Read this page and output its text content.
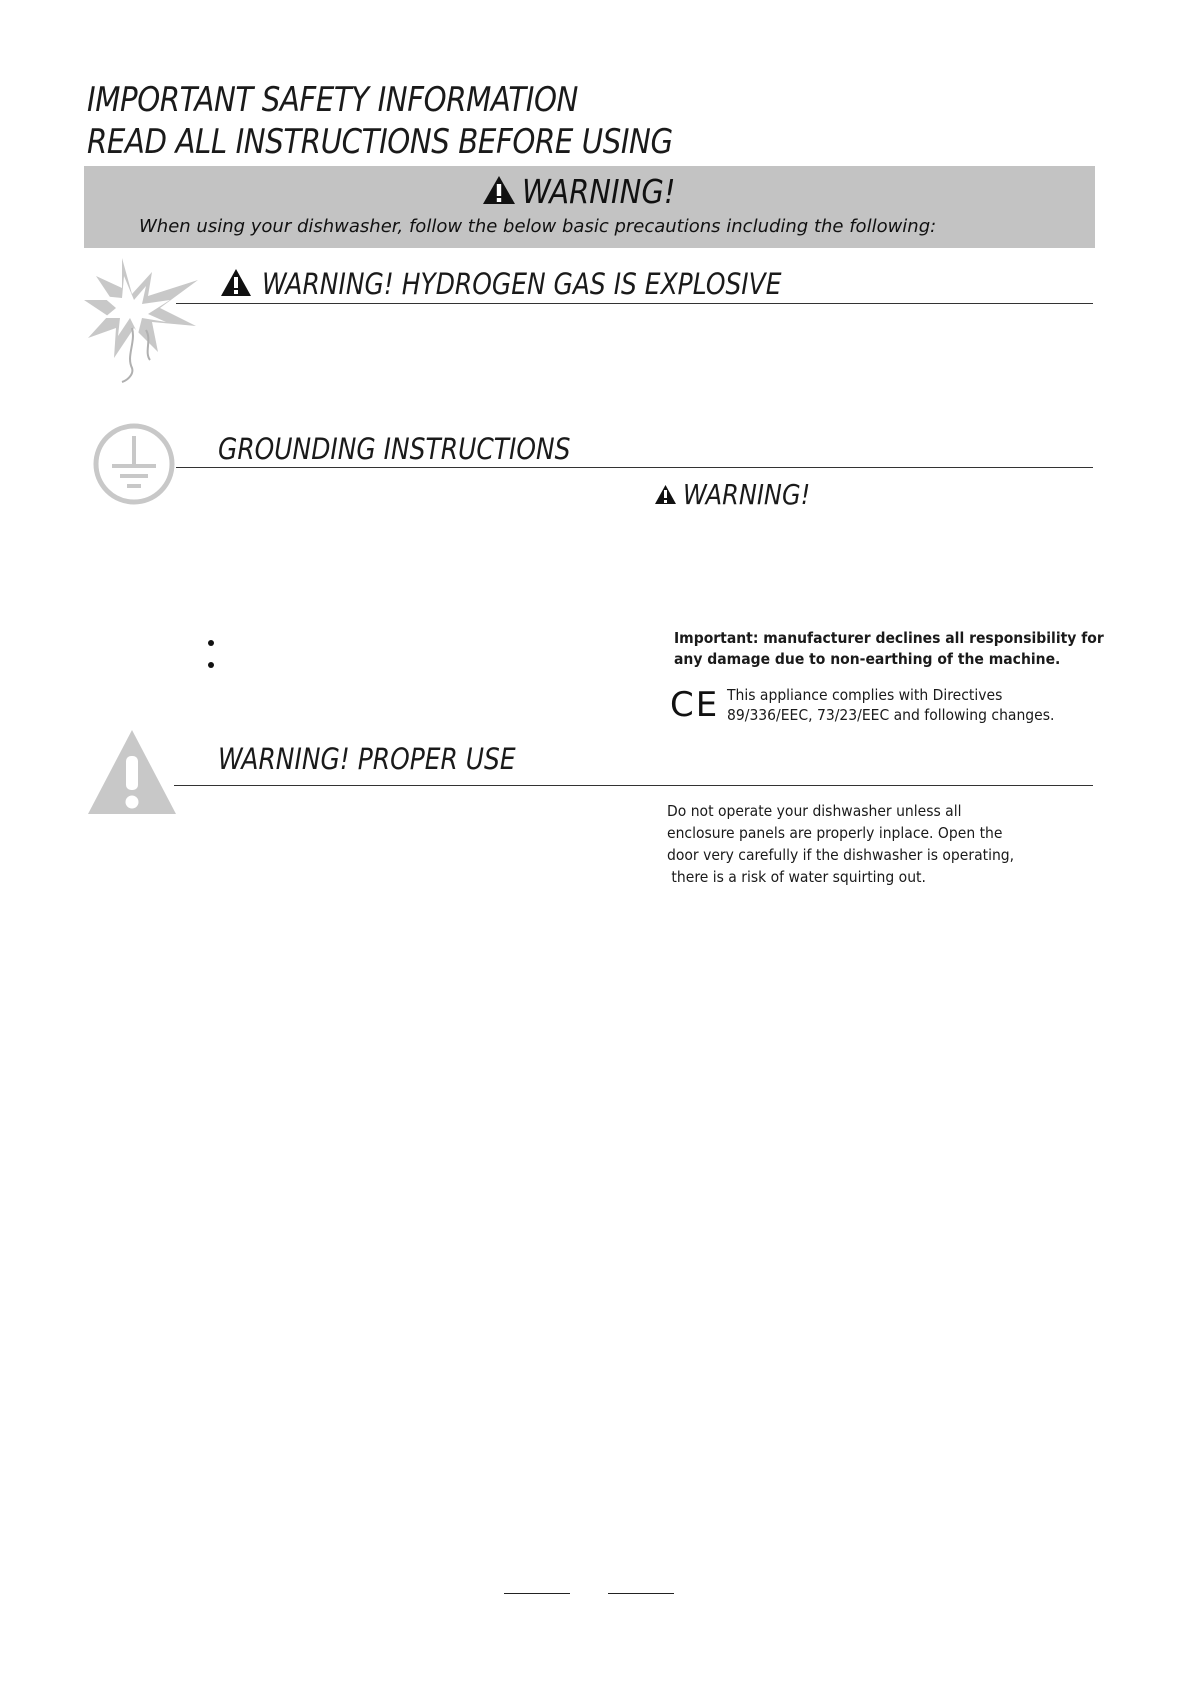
IMPORTANT SAFETY INFORMATION
READ ALL INSTRUCTIONS BEFORE USING
WARNING!
When using your dishwasher, follow the below basic precautions including the following:
WARNING! HYDROGEN GAS IS EXPLOSIVE
GROUNDING INSTRUCTIONS
WARNING!
Important: manufacturer declines all responsibility for
any damage due to non-earthing of the machine.
CE This appliance complies with Directives
89/336/EEC, 73/23/EEC and following changes.
WARNING! PROPER USE
Do not operate your dishwasher unless all
enclosure panels are properly inplace. Open the
door very carefully if the dishwasher is operating,
there is a risk of water squirting out.
